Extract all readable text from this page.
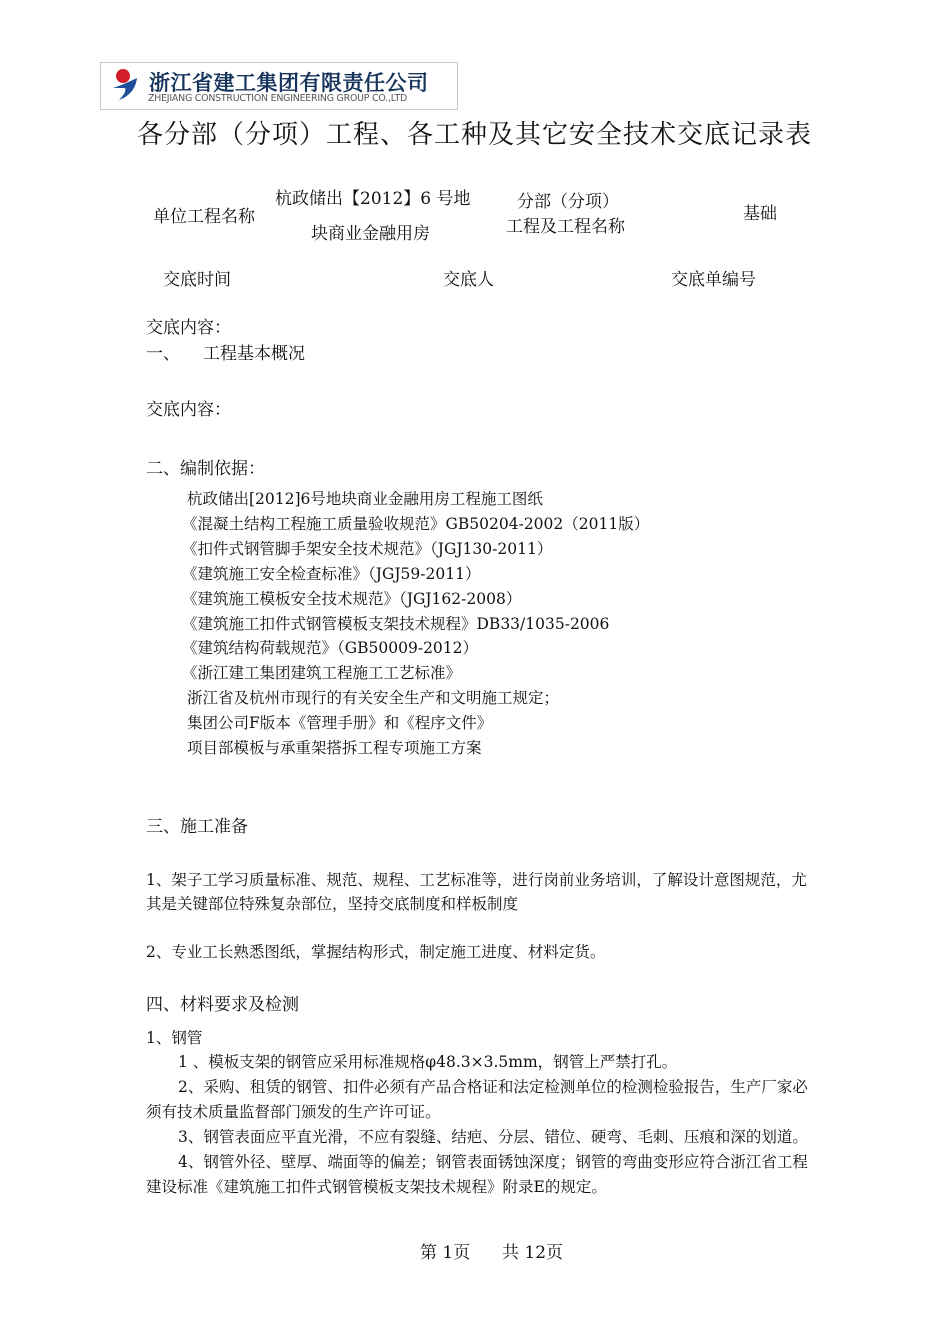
浙江省建工集团有限责任公司
ZHEJIANG CONSTRUCTION ENGINEERING GROUP CO.,LTD
各分部（分项）工程、各工种及其它安全技术交底记录表
单位工程名称
杭政储出【2012】6 号地
块商业金融用房
分部（分项）
工程及工程名称
基础
交底时间	交底人	交底单编号
交底内容：
一、 工程基本概况
交底内容：
二、编制依据：
杭政储出[2012]6号地块商业金融用房工程施工图纸
《混凝土结构工程施工质量验收规范》GB50204-2002（2011版）
《扣件式钢管脚手架安全技术规范》（JGJ130-2011）
《建筑施工安全检查标准》（JGJ59-2011）
《建筑施工模板安全技术规范》（JGJ162-2008）
《建筑施工扣件式钢管模板支架技术规程》DB33/1035-2006
《建筑结构荷载规范》（GB50009-2012）
《浙江建工集团建筑工程施工工艺标准》
浙江省及杭州市现行的有关安全生产和文明施工规定；
集团公司F版本《管理手册》和《程序文件》
项目部模板与承重架搭拆工程专项施工方案
三、施工准备
1、架子工学习质量标准、规范、规程、工艺标准等，进行岗前业务培训，了解设计意图规范，尤
其是关键部位特殊复杂部位，坚持交底制度和样板制度
2、专业工长熟悉图纸，掌握结构形式，制定施工进度、材料定货。
四、材料要求及检测
1、钢管
1 、模板支架的钢管应采用标准规格φ48.3×3.5mm，钢管上严禁打孔。
2、采购、租赁的钢管、扣件必须有产品合格证和法定检测单位的检测检验报告，生产厂家必
须有技术质量监督部门颁发的生产许可证。
3、钢管表面应平直光滑，不应有裂缝、结疤、分层、错位、硬弯、毛刺、压痕和深的划道。
4、钢管外径、壁厚、端面等的偏差；钢管表面锈蚀深度；钢管的弯曲变形应符合浙江省工程
建设标准《建筑施工扣件式钢管模板支架技术规程》附录E的规定。
第 1页 共 12页
